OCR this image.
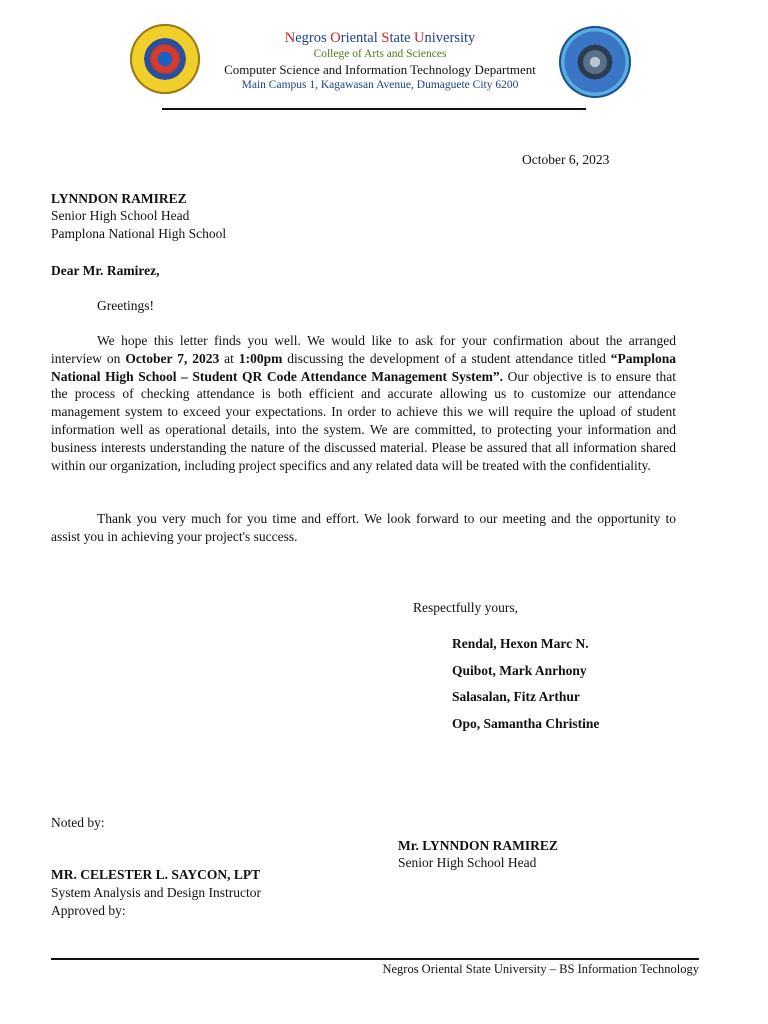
Negros Oriental State University
College of Arts and Sciences
Computer Science and Information Technology Department
Main Campus 1, Kagawasan Avenue, Dumaguete City 6200
October 6, 2023
LYNNDON RAMIREZ
Senior High School Head
Pamplona National High School
Dear Mr. Ramirez,
Greetings!
We hope this letter finds you well. We would like to ask for your confirmation about the arranged interview on October 7, 2023 at 1:00pm discussing the development of a student attendance titled “Pamplona National High School – Student QR Code Attendance Management System”. Our objective is to ensure that the process of checking attendance is both efficient and accurate allowing us to customize our attendance management system to exceed your expectations. In order to achieve this we will require the upload of student information well as operational details, into the system. We are committed, to protecting your information and business interests understanding the nature of the discussed material. Please be assured that all information shared within our organization, including project specifics and any related data will be treated with the confidentiality.
Thank you very much for you time and effort. We look forward to our meeting and the opportunity to assist you in achieving your project's success.
Respectfully yours,
Rendal, Hexon Marc N.
Quibot, Mark Anrhony
Salasalan, Fitz Arthur
Opo, Samantha Christine
Noted by:
Mr. LYNNDON RAMIREZ
Senior High School Head
MR. CELESTER L. SAYCON, LPT
System Analysis and Design Instructor
Approved by:
Negros Oriental State University – BS Information Technology
